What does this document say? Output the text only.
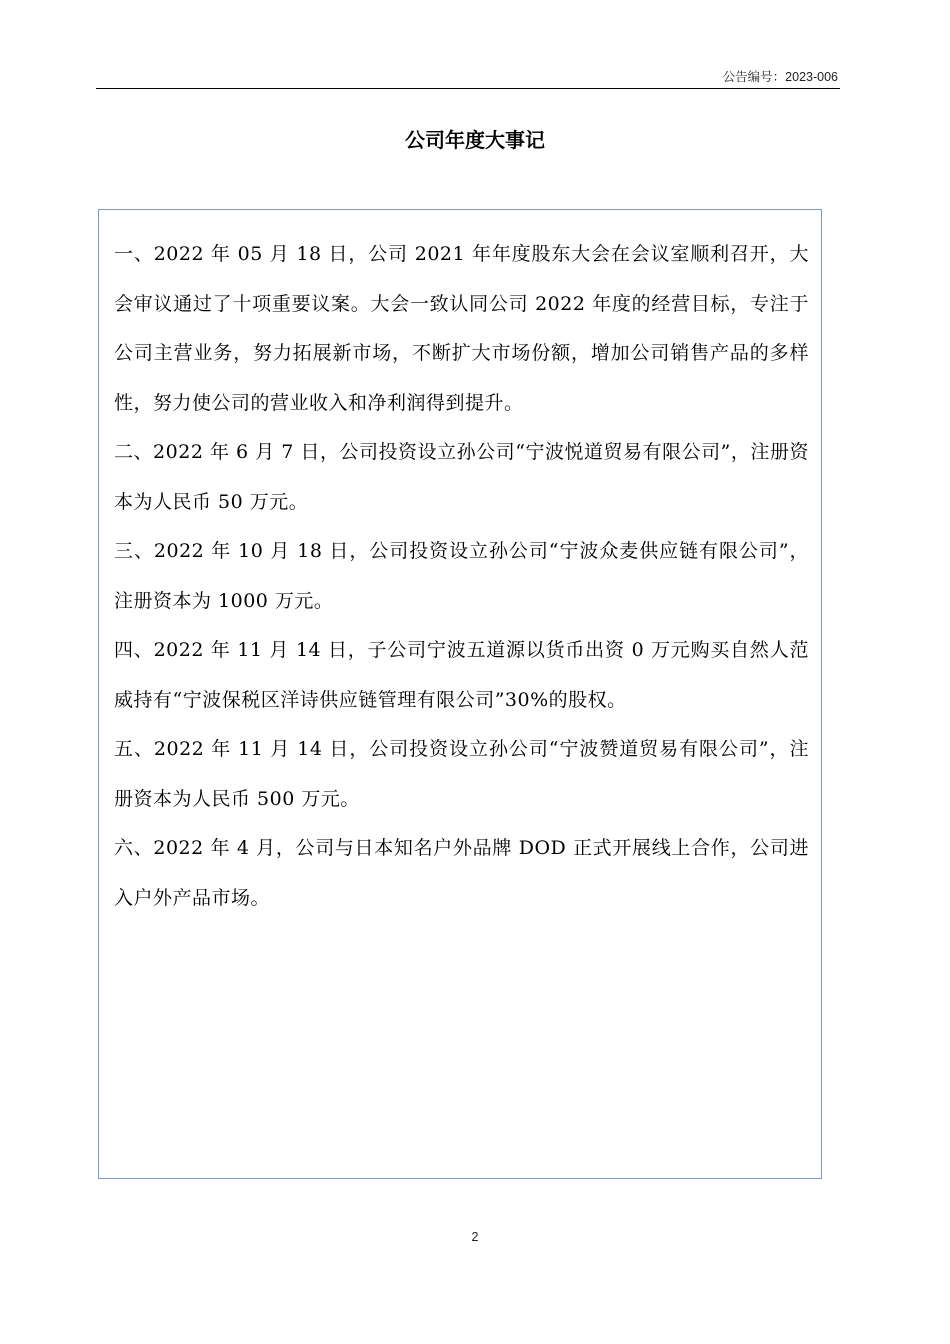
公告编号：2023-006
公司年度大事记

一、2022 年 05 月 18 日，公司 2021 年年度股东大会在会议室顺利召开，大会审议通过了十项重要议案。大会一致认同公司 2022 年度的经营目标，专注于公司主营业务，努力拓展新市场，不断扩大市场份额，增加公司销售产品的多样性，努力使公司的营业收入和净利润得到提升。

二、2022 年 6 月 7 日，公司投资设立孙公司“宁波悦道贸易有限公司”，注册资本为人民币 50 万元。

三、2022 年 10 月 18 日，公司投资设立孙公司“宁波众麦供应链有限公司”，注册资本为 1000 万元。

四、2022 年 11 月 14 日，子公司宁波五道源以货币出资 0 万元购买自然人范威持有“宁波保税区洋诗供应链管理有限公司”30%的股权。

五、2022 年 11 月 14 日，公司投资设立孙公司“宁波赞道贸易有限公司”，注册资本为人民币 500 万元。

六、2022 年 4 月，公司与日本知名户外品牌 DOD 正式开展线上合作，公司进入户外产品市场。

2
